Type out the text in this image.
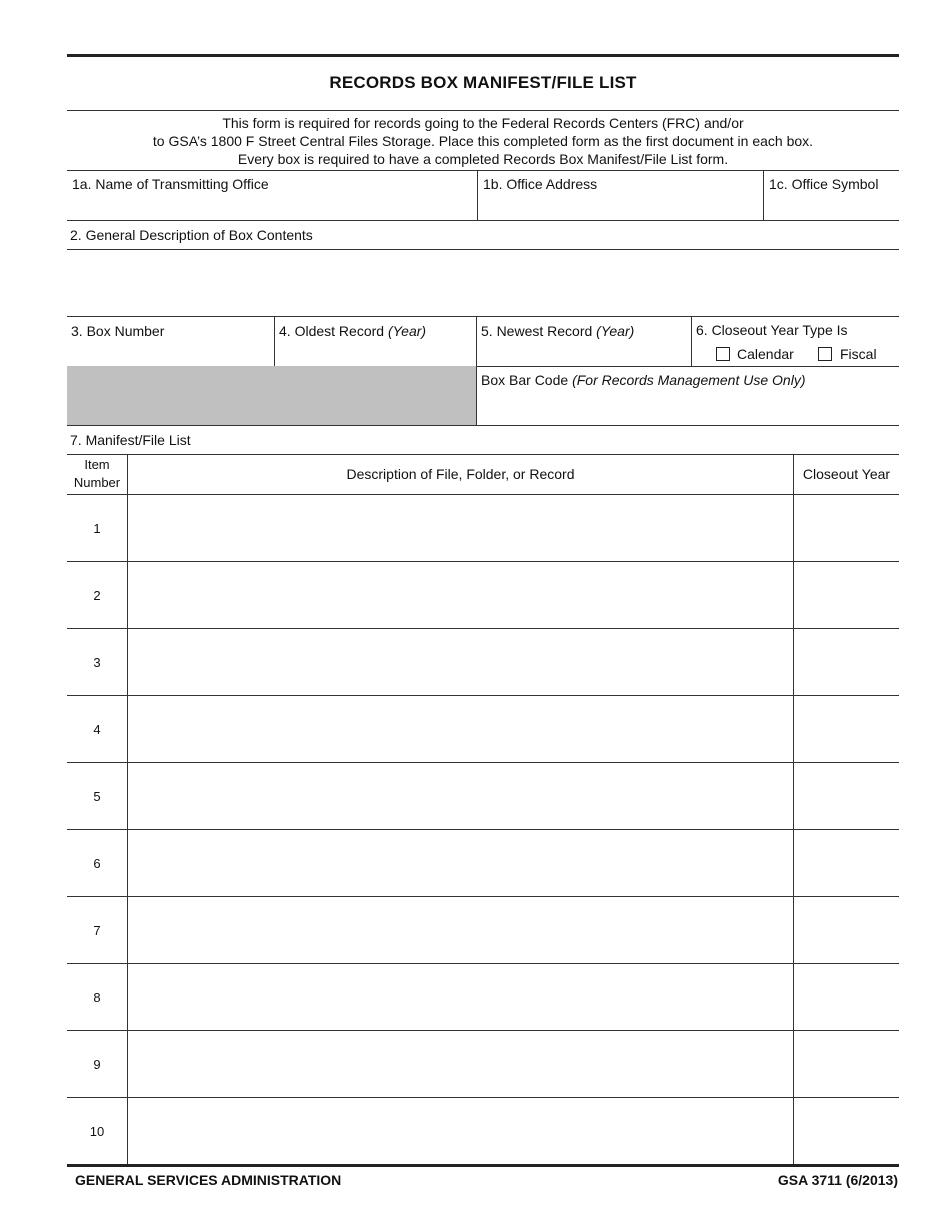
RECORDS BOX MANIFEST/FILE LIST
This form is required for records going to the Federal Records Centers (FRC) and/or
to GSA’s 1800 F Street Central Files Storage. Place this completed form as the first document in each box.
Every box is required to have a completed Records Box Manifest/File List form.
1a. Name of Transmitting Office	1b. Office Address	1c. Office Symbol
2. General Description of Box Contents
3. Box Number	4. Oldest Record (Year)	5. Newest Record (Year)	6. Closeout Year Type Is
Calendar	Fiscal
Box Bar Code (For Records Management Use Only)
7. Manifest/File List
Item
Number
Description of File, Folder, or Record	Closeout Year
1
2
3
4
5
6
7
8
9
10
GENERAL SERVICES ADMINISTRATION	GSA 3711 (6/2013)
